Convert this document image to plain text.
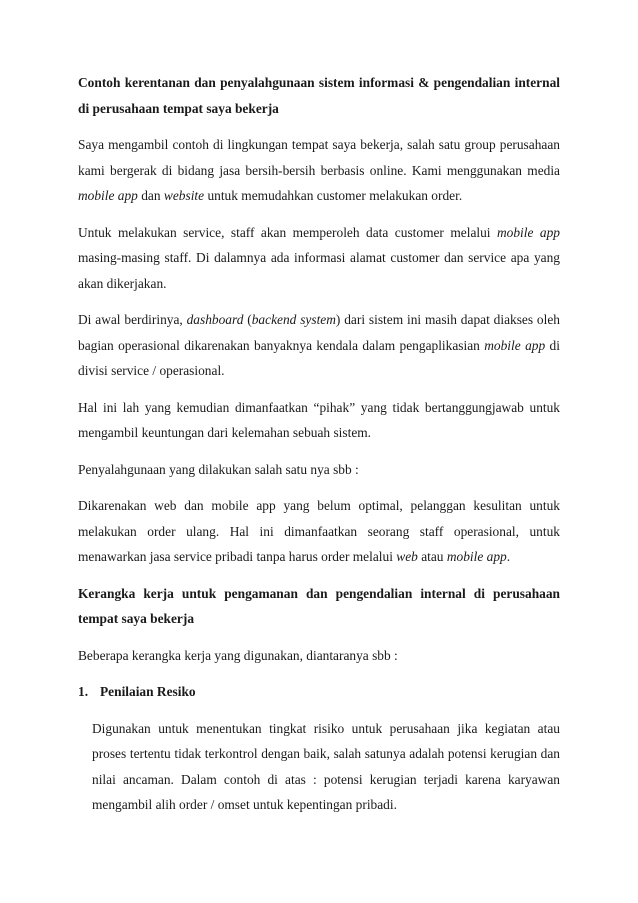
Contoh kerentanan dan penyalahgunaan sistem informasi & pengendalian internal di perusahaan tempat saya bekerja

Saya mengambil contoh di lingkungan tempat saya bekerja, salah satu group perusahaan kami bergerak di bidang jasa bersih-bersih berbasis online. Kami menggunakan media mobile app dan website untuk memudahkan customer melakukan order.

Untuk melakukan service, staff akan memperoleh data customer melalui mobile app masing-masing staff. Di dalamnya ada informasi alamat customer dan service apa yang akan dikerjakan.

Di awal berdirinya, dashboard (backend system) dari sistem ini masih dapat diakses oleh bagian operasional dikarenakan banyaknya kendala dalam pengaplikasian mobile app di divisi service / operasional.

Hal ini lah yang kemudian dimanfaatkan “pihak” yang tidak bertanggungjawab untuk mengambil keuntungan dari kelemahan sebuah sistem.

Penyalahgunaan yang dilakukan salah satu nya sbb :

Dikarenakan web dan mobile app yang belum optimal, pelanggan kesulitan untuk melakukan order ulang. Hal ini dimanfaatkan seorang staff operasional, untuk menawarkan jasa service pribadi tanpa harus order melalui web atau mobile app.

Kerangka kerja untuk pengamanan dan pengendalian internal di perusahaan tempat saya bekerja

Beberapa kerangka kerja yang digunakan, diantaranya sbb :

1. Penilaian Resiko

Digunakan untuk menentukan tingkat risiko untuk perusahaan jika kegiatan atau proses tertentu tidak terkontrol dengan baik, salah satunya adalah potensi kerugian dan nilai ancaman. Dalam contoh di atas : potensi kerugian terjadi karena karyawan mengambil alih order / omset untuk kepentingan pribadi.
